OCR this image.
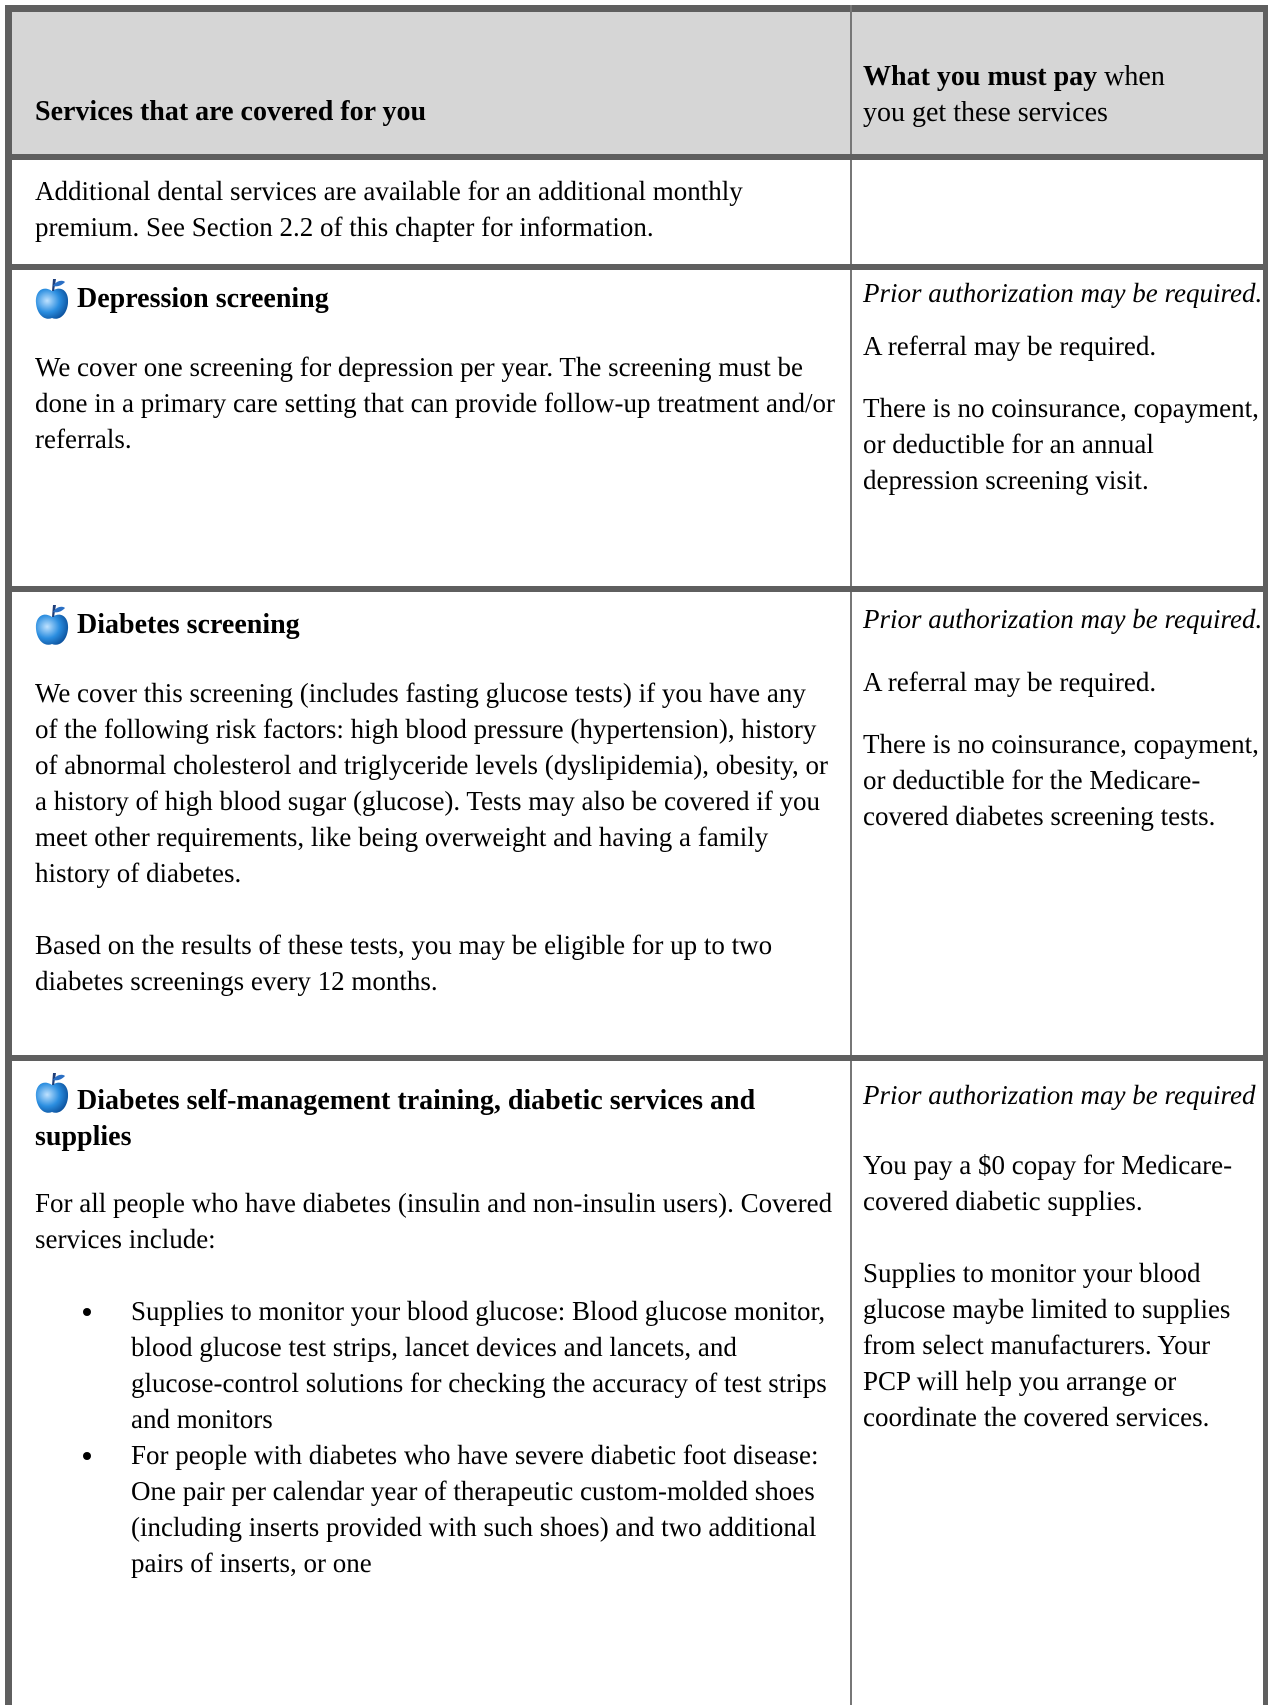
Services that are covered for you
What you must pay when
you get these services
Additional dental services are available for an additional monthly premium. See Section 2.2 of this chapter for information.
Depression screening

We cover one screening for depression per year. The screening must be done in a primary care setting that can provide follow-up treatment and/or referrals.

Prior authorization may be required.

A referral may be required.

There is no coinsurance, copayment, or deductible for an annual depression screening visit.

Diabetes screening

We cover this screening (includes fasting glucose tests) if you have any of the following risk factors: high blood pressure (hypertension), history of abnormal cholesterol and triglyceride levels (dyslipidemia), obesity, or a history of high blood sugar (glucose). Tests may also be covered if you meet other requirements, like being overweight and having a family history of diabetes.

Based on the results of these tests, you may be eligible for up to two diabetes screenings every 12 months.

Prior authorization may be required.

A referral may be required.

There is no coinsurance, copayment, or deductible for the Medicare-covered diabetes screening tests.

Diabetes self-management training, diabetic services and supplies

For all people who have diabetes (insulin and non-insulin users). Covered services include:

Supplies to monitor your blood glucose: Blood glucose monitor, blood glucose test strips, lancet devices and lancets, and glucose-control solutions for checking the accuracy of test strips and monitors
For people with diabetes who have severe diabetic foot disease: One pair per calendar year of therapeutic custom-molded shoes (including inserts provided with such shoes) and two additional pairs of inserts, or one

Prior authorization may be required

You pay a $0 copay for Medicare-covered diabetic supplies.

Supplies to monitor your blood glucose maybe limited to supplies from select manufacturers. Your PCP will help you arrange or coordinate the covered services.
